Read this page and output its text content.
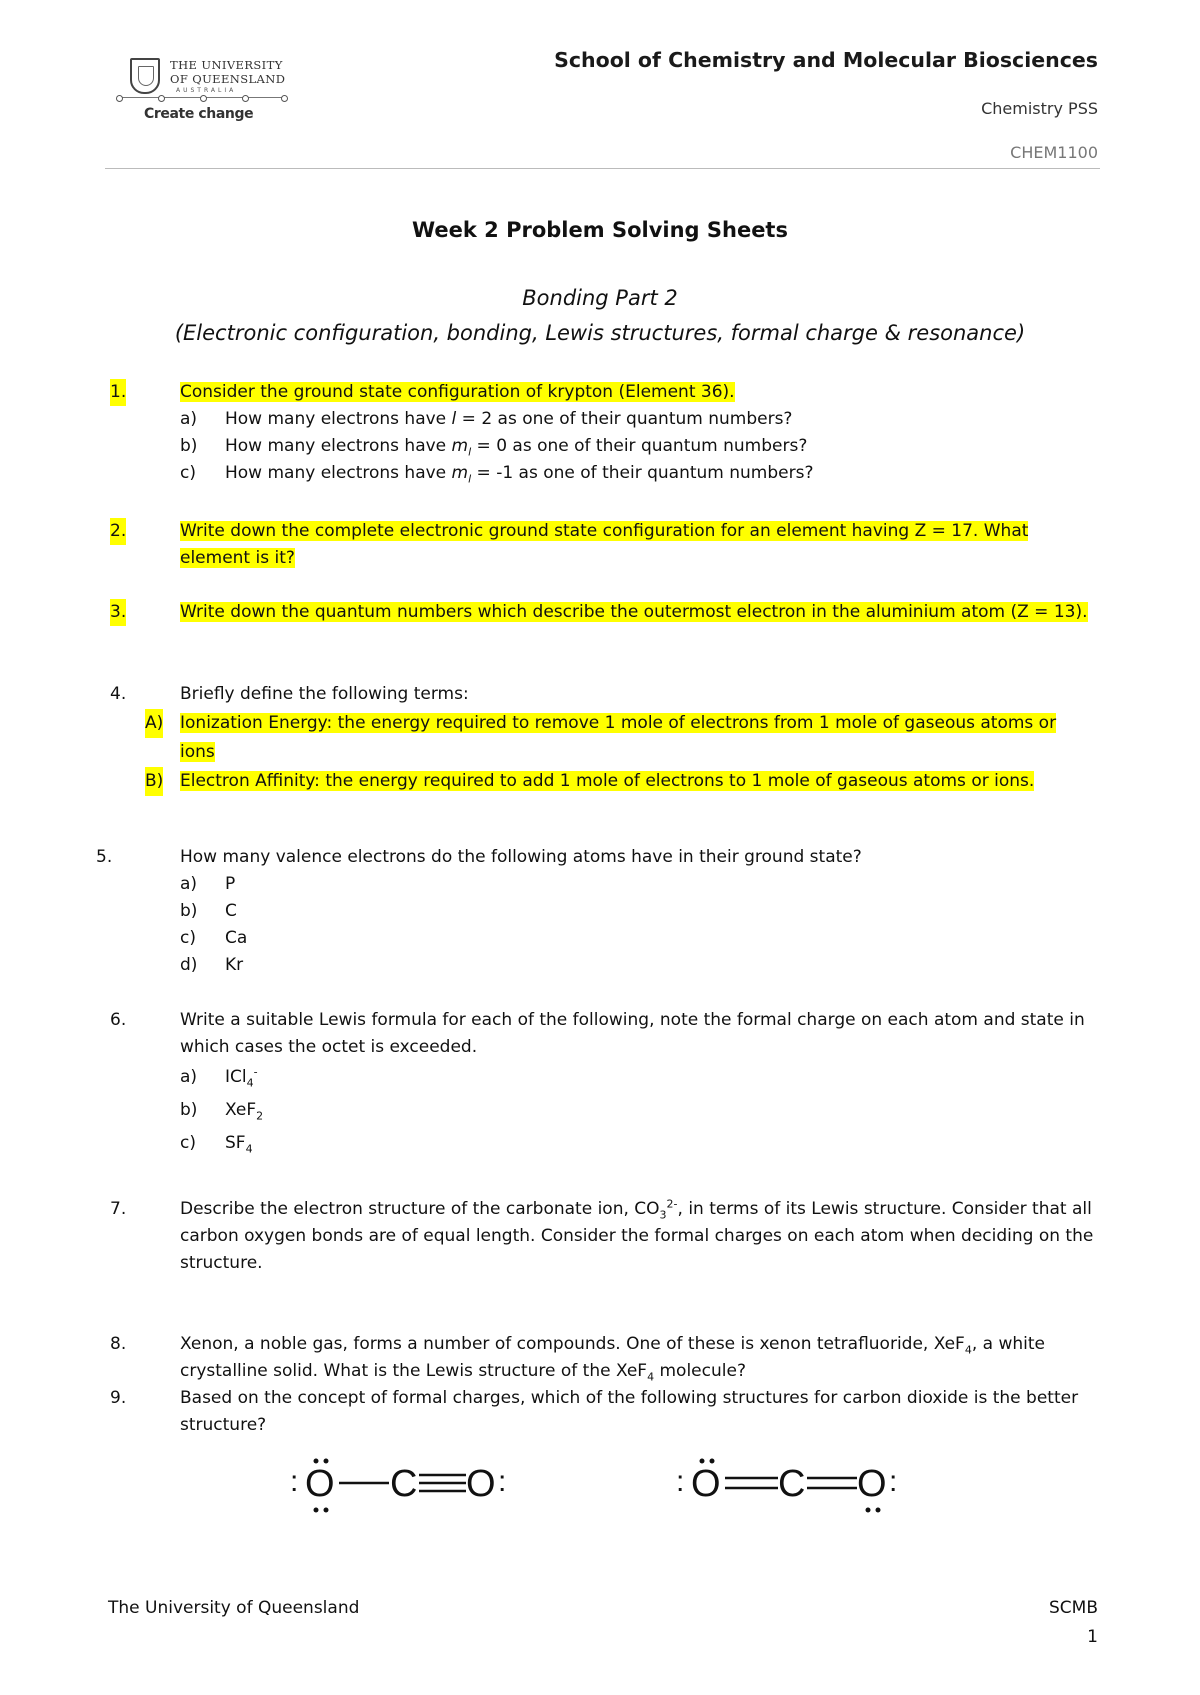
THE UNIVERSITY
OF QUEENSLAND
AUSTRALIA
Create change
School of Chemistry and Molecular Biosciences
Chemistry PSS
CHEM1100
Week 2 Problem Solving Sheets
Bonding Part 2
(Electronic configuration, bonding, Lewis structures, formal charge & resonance)
1.	Consider the ground state configuration of krypton (Element 36).
a) How many electrons have l = 2 as one of their quantum numbers?
b) How many electrons have $m_l = 0$ as one of their quantum numbers?
c) How many electrons have $m_l = -1$ as one of their quantum numbers?
2.	Write down the complete electronic ground state configuration for an element having Z = 17. What element is it?
3.	Write down the quantum numbers which describe the outermost electron in the aluminium atom (Z = 13).
4.	Briefly define the following terms:
A) Ionization Energy: the energy required to remove 1 mole of electrons from 1 mole of gaseous atoms or ions
B) Electron Affinity: the energy required to add 1 mole of electrons to 1 mole of gaseous atoms or ions.
5.	How many valence electrons do the following atoms have in their ground state?
a) P
b) C
c) Ca
d) Kr
6.	Write a suitable Lewis formula for each of the following, note the formal charge on each atom and state in which cases the octet is exceeded.
a) ICl$_4$-
b) XeF$_2$
c) $SF_4$
7.	Describe the electron structure of the carbonate ion, $CO_3^{2-}$, in terms of its Lewis structure. Consider that all carbon oxygen bonds are of equal length. Consider the formal charges on each atom when deciding on the structure.
8.	Xenon, a noble gas, forms a number of compounds. One of these is xenon tetrafluoride, XeF$_4$, a white crystalline solid. What is the Lewis structure of the XeF$_4$ molecule?
9.	Based on the concept of formal charges, which of the following structures for carbon dioxide is the better structure?
: O C O :	: O C O :
The University of Queensland	SCMB
1
